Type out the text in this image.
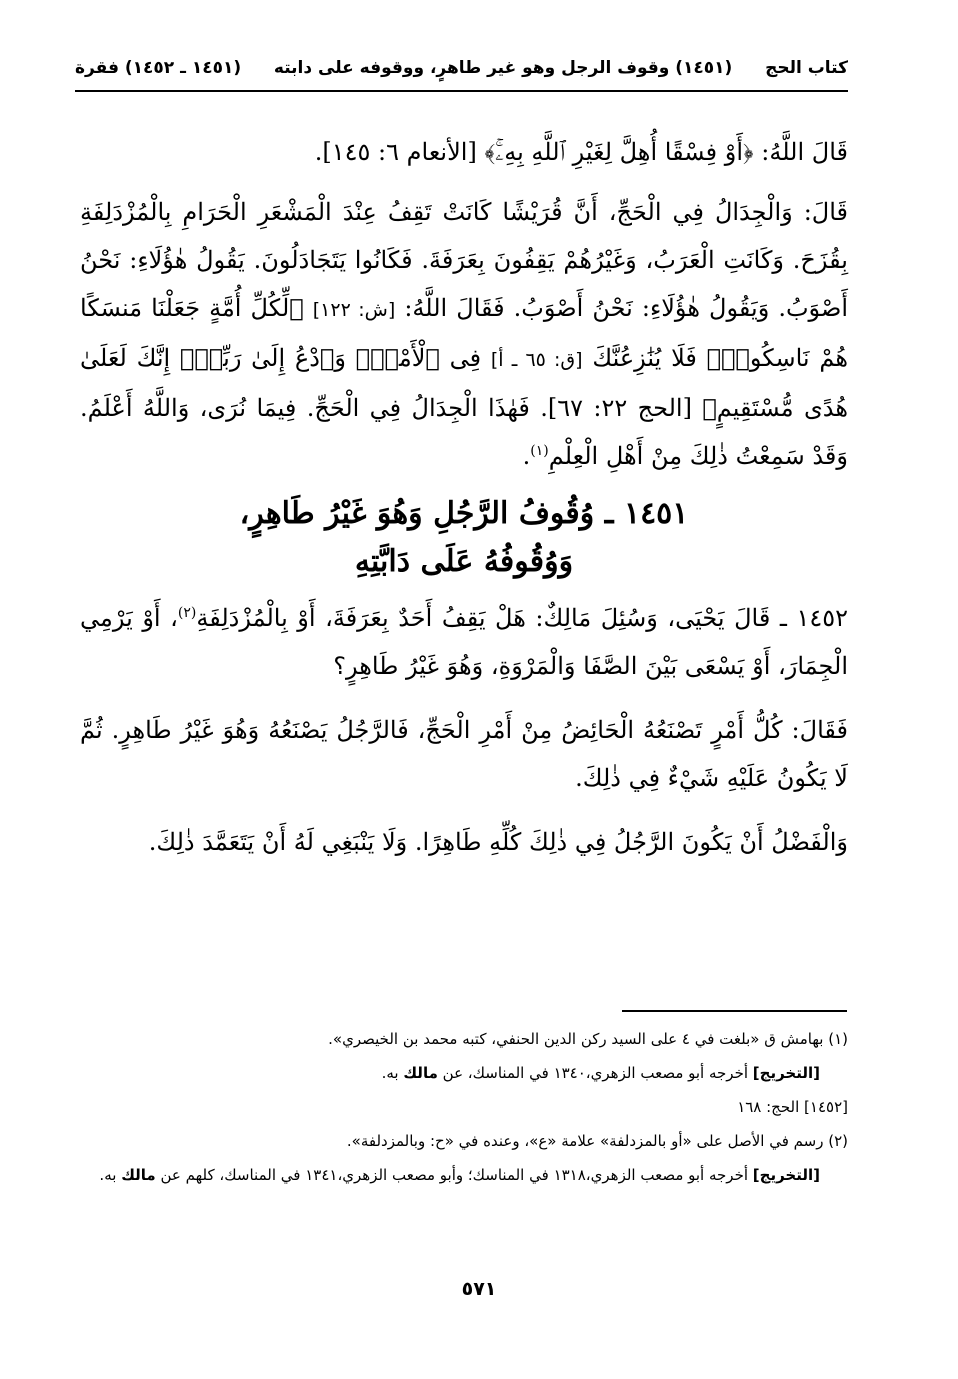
كتاب الحج
(١٤٥١) وقوف الرجل وهو غير طاهرٍ، ووقوفه على دابته
(١٤٥١ ـ ١٤٥٢) فقرة

قَالَ اللَّهُ: ﴿أَوْ فِسْقًا أُهِلَّ لِغَيْرِ ٱللَّهِ بِهِۦۚ﴾ [الأنعام ٦: ١٤٥].

قَالَ: وَالْجِدَالُ فِي الْحَجِّ، أَنَّ قُرَيْشًا كَانَتْ تَقِفُ عِنْدَ الْمَشْعَرِ الْحَرَامِ بِالْمُزْدَلِفَةِ بِقُزَحَ. وَكَانَتِ الْعَرَبُ، وَغَيْرُهُمْ يَقِفُونَ بِعَرَفَةَ. فَكَانُوا يَتَجَادَلُونَ. يَقُولُ هٰؤُلَاءِ: نَحْنُ أَصْوَبُ. وَيَقُولُ هٰؤُلَاءِ: نَحْنُ أَصْوَبُ. فَقَالَ اللَّهُ: [ش: ١٢٢] ﴿لِّكُلِّ أُمَّةٍ جَعَلْنَا مَنسَكًا هُمْ نَاسِكُوهُۖ فَلَا يُنَٰزِعُنَّكَ [ق: ٦٥ ـ أ] فِى ٱلْأَمْرِۚ وَٱدْعُ إِلَىٰ رَبِّكَۖ إِنَّكَ لَعَلَىٰ هُدًى مُّسْتَقِيمٍ﴾ [الحج ٢٢: ٦٧]. فَهٰذَا الْجِدَالُ فِي الْحَجِّ. فِيمَا نُرَى، وَاللَّهُ أَعْلَمُ. وَقَدْ سَمِعْتُ ذٰلِكَ مِنْ أَهْلِ الْعِلْمِ$^{(١)}$.

١٤٥١ ـ وُقُوفُ الرَّجُلِ وَهُوَ غَيْرُ طَاهِرٍ،
وَوُقُوفُهُ عَلَى دَابَّتِهِ

١٤٥٢ ـ قَالَ يَحْيَى، وَسُئِلَ مَالِكٌ: هَلْ يَقِفُ أَحَدٌ بِعَرَفَةَ، أَوْ بِالْمُزْدَلِفَةِ$^{(٢)}$، أَوْ يَرْمِي الْجِمَارَ، أَوْ يَسْعَى بَيْنَ الصَّفَا وَالْمَرْوَةِ، وَهُوَ غَيْرُ طَاهِرٍ؟

فَقَالَ: كُلُّ أَمْرٍ تَصْنَعُهُ الْحَائِضُ مِنْ أَمْرِ الْحَجِّ، فَالرَّجُلُ يَصْنَعُهُ وَهُوَ غَيْرُ طَاهِرٍ. ثُمَّ لَا يَكُونُ عَلَيْهِ شَيْءٌ فِي ذٰلِكَ.

وَالْفَضْلُ أَنْ يَكُونَ الرَّجُلُ فِي ذٰلِكَ كُلِّهِ طَاهِرًا. وَلَا يَنْبَغِي لَهُ أَنْ يَتَعَمَّدَ ذٰلِكَ.

(١) بهامش ق «بلغت في ٤ على السيد ركن الدين الحنفي، كتبه محمد بن الخيصري».

[التخريج] أخرجه أبو مصعب الزهري،١٣٤٠ في المناسك، عن مالك به.

[١٤٥٢] الحج: ١٦٨

(٢) رسم في الأصل على «أو بالمزدلفة» علامة «ع»، وعنده في «ح: وبالمزدلفة».

[التخريج] أخرجه أبو مصعب الزهري،١٣١٨ في المناسك؛ وأبو مصعب الزهري،١٣٤١ في المناسك، كلهم عن مالك به.

٥٧١
